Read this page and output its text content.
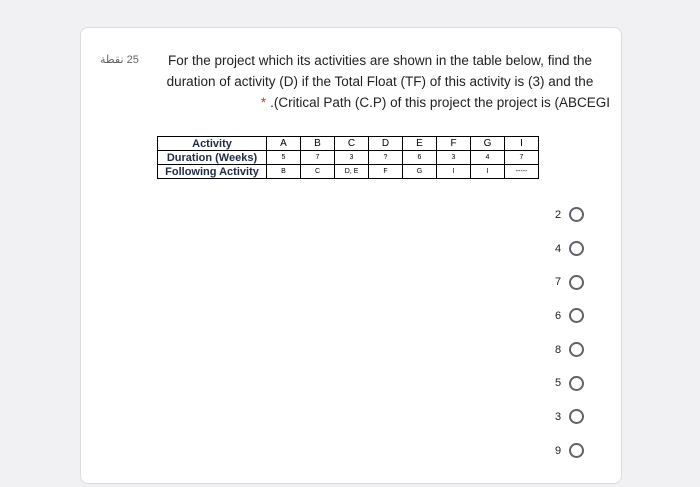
25 نقطة	For the project which its activities are shown in the table below, find the
duration of activity (D) if the Total Float (TF) of this activity is (3) and the

* .(Critical Path (C.P) of this project the project is (ABCEGI
Activity	A	B	C	D	E	F	G	I
Duration (Weeks)	5	7	3	?	6	3	4	7
Following Activity	B	C	D, E	F	G	I	I	-----
2
4
7
6
8
5
3
9
